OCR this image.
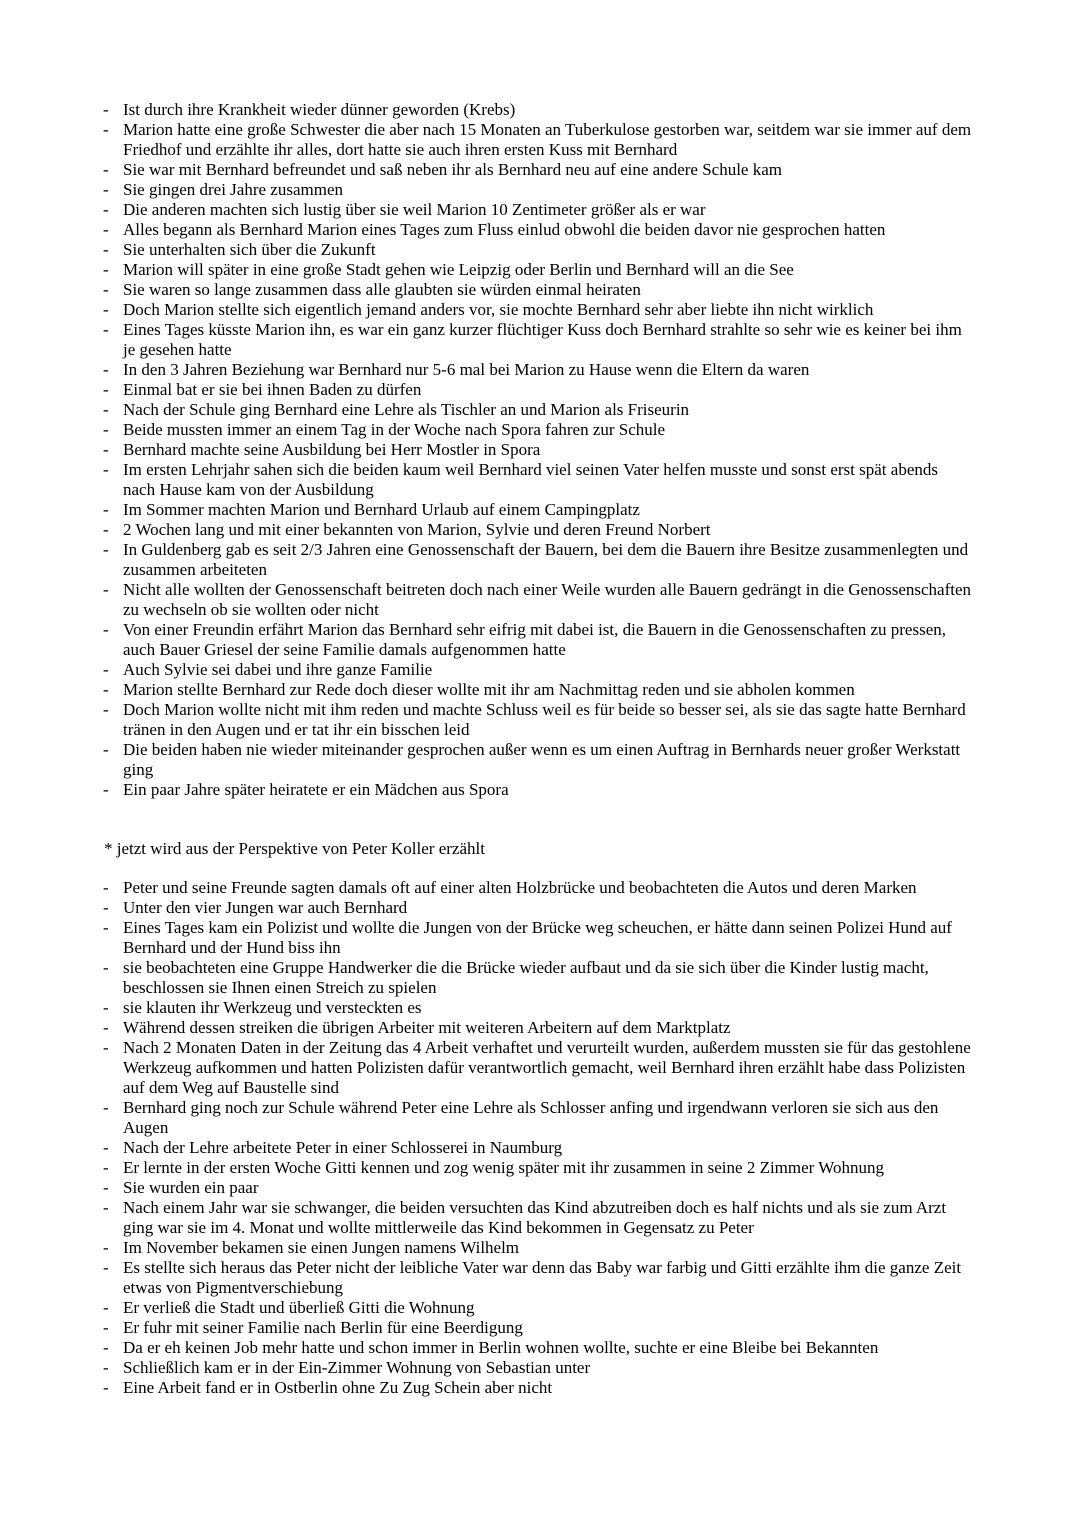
- Ist durch ihre Krankheit wieder dünner geworden (Krebs)
- Marion hatte eine große Schwester die aber nach 15 Monaten an Tuberkulose gestorben war, seitdem war sie immer auf dem Friedhof und erzählte ihr alles, dort hatte sie auch ihren ersten Kuss mit Bernhard
- Sie war mit Bernhard befreundet und saß neben ihr als Bernhard neu auf eine andere Schule kam
- Sie gingen drei Jahre zusammen
- Die anderen machten sich lustig über sie weil Marion 10 Zentimeter größer als er war
- Alles begann als Bernhard Marion eines Tages zum Fluss einlud obwohl die beiden davor nie gesprochen hatten
- Sie unterhalten sich über die Zukunft
- Marion will später in eine große Stadt gehen wie Leipzig oder Berlin und Bernhard will an die See
- Sie waren so lange zusammen dass alle glaubten sie würden einmal heiraten
- Doch Marion stellte sich eigentlich jemand anders vor, sie mochte Bernhard sehr aber liebte ihn nicht wirklich
- Eines Tages küsste Marion ihn, es war ein ganz kurzer flüchtiger Kuss doch Bernhard strahlte so sehr wie es keiner bei ihm je gesehen hatte
- In den 3 Jahren Beziehung war Bernhard nur 5-6 mal bei Marion zu Hause wenn die Eltern da waren
- Einmal bat er sie bei ihnen Baden zu dürfen
- Nach der Schule ging Bernhard eine Lehre als Tischler an und Marion als Friseurin
- Beide mussten immer an einem Tag in der Woche nach Spora fahren zur Schule
- Bernhard machte seine Ausbildung bei Herr Mostler in Spora
- Im ersten Lehrjahr sahen sich die beiden kaum weil Bernhard viel seinen Vater helfen musste und sonst erst spät abends nach Hause kam von der Ausbildung
- Im Sommer machten Marion und Bernhard Urlaub auf einem Campingplatz
- 2 Wochen lang und mit einer bekannten von Marion, Sylvie und deren Freund Norbert
- In Guldenberg gab es seit 2/3 Jahren eine Genossenschaft der Bauern, bei dem die Bauern ihre Besitze zusammenlegten und zusammen arbeiteten
- Nicht alle wollten der Genossenschaft beitreten doch nach einer Weile wurden alle Bauern gedrängt in die Genossenschaften zu wechseln ob sie wollten oder nicht
- Von einer Freundin erfährt Marion das Bernhard sehr eifrig mit dabei ist, die Bauern in die Genossenschaften zu pressen, auch Bauer Griesel der seine Familie damals aufgenommen hatte
- Auch Sylvie sei dabei und ihre ganze Familie
- Marion stellte Bernhard zur Rede doch dieser wollte mit ihr am Nachmittag reden und sie abholen kommen
- Doch Marion wollte nicht mit ihm reden und machte Schluss weil es für beide so besser sei, als sie das sagte hatte Bernhard tränen in den Augen und er tat ihr ein bisschen leid
- Die beiden haben nie wieder miteinander gesprochen außer wenn es um einen Auftrag in Bernhards neuer großer Werkstatt ging
- Ein paar Jahre später heiratete er ein Mädchen aus Spora
* jetzt wird aus der Perspektive von Peter Koller erzählt
- Peter und seine Freunde sagten damals oft auf einer alten Holzbrücke und beobachteten die Autos und deren Marken
- Unter den vier Jungen war auch Bernhard
- Eines Tages kam ein Polizist und wollte die Jungen von der Brücke weg scheuchen, er hätte dann seinen Polizei Hund auf Bernhard und der Hund biss ihn
- sie beobachteten eine Gruppe Handwerker die die Brücke wieder aufbaut und da sie sich über die Kinder lustig macht, beschlossen sie Ihnen einen Streich zu spielen
- sie klauten ihr Werkzeug und versteckten es
- Während dessen streiken die übrigen Arbeiter mit weiteren Arbeitern auf dem Marktplatz
- Nach 2 Monaten Daten in der Zeitung das 4 Arbeit verhaftet und verurteilt wurden, außerdem mussten sie für das gestohlene Werkzeug aufkommen und hatten Polizisten dafür verantwortlich gemacht, weil Bernhard ihren erzählt habe dass Polizisten auf dem Weg auf Baustelle sind
- Bernhard ging noch zur Schule während Peter eine Lehre als Schlosser anfing und irgendwann verloren sie sich aus den Augen
- Nach der Lehre arbeitete Peter in einer Schlosserei in Naumburg
- Er lernte in der ersten Woche Gitti kennen und zog wenig später mit ihr zusammen in seine 2 Zimmer Wohnung
- Sie wurden ein paar
- Nach einem Jahr war sie schwanger, die beiden versuchten das Kind abzutreiben doch es half nichts und als sie zum Arzt ging war sie im 4. Monat und wollte mittlerweile das Kind bekommen in Gegensatz zu Peter
- Im November bekamen sie einen Jungen namens Wilhelm
- Es stellte sich heraus das Peter nicht der leibliche Vater war denn das Baby war farbig und Gitti erzählte ihm die ganze Zeit etwas von Pigmentverschiebung
- Er verließ die Stadt und überließ Gitti die Wohnung
- Er fuhr mit seiner Familie nach Berlin für eine Beerdigung
- Da er eh keinen Job mehr hatte und schon immer in Berlin wohnen wollte, suchte er eine Bleibe bei Bekannten
- Schließlich kam er in der Ein-Zimmer Wohnung von Sebastian unter
- Eine Arbeit fand er in Ostberlin ohne Zu Zug Schein aber nicht
